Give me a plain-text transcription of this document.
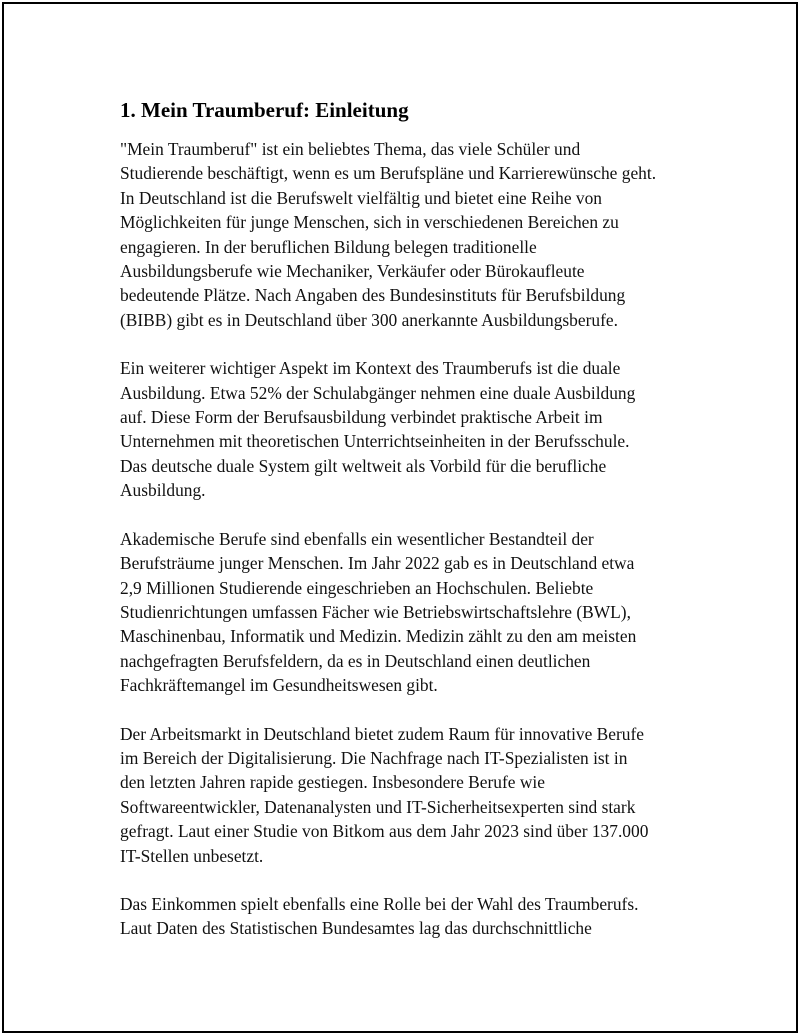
1. Mein Traumberuf: Einleitung

"Mein Traumberuf" ist ein beliebtes Thema, das viele Schüler und
Studierende beschäftigt, wenn es um Berufspläne und Karrierewünsche geht.
In Deutschland ist die Berufswelt vielfältig und bietet eine Reihe von
Möglichkeiten für junge Menschen, sich in verschiedenen Bereichen zu
engagieren. In der beruflichen Bildung belegen traditionelle
Ausbildungsberufe wie Mechaniker, Verkäufer oder Bürokaufleute
bedeutende Plätze. Nach Angaben des Bundesinstituts für Berufsbildung
(BIBB) gibt es in Deutschland über 300 anerkannte Ausbildungsberufe.

Ein weiterer wichtiger Aspekt im Kontext des Traumberufs ist die duale
Ausbildung. Etwa 52% der Schulabgänger nehmen eine duale Ausbildung
auf. Diese Form der Berufsausbildung verbindet praktische Arbeit im
Unternehmen mit theoretischen Unterrichtseinheiten in der Berufsschule.
Das deutsche duale System gilt weltweit als Vorbild für die berufliche
Ausbildung.

Akademische Berufe sind ebenfalls ein wesentlicher Bestandteil der
Berufsträume junger Menschen. Im Jahr 2022 gab es in Deutschland etwa
2,9 Millionen Studierende eingeschrieben an Hochschulen. Beliebte
Studienrichtungen umfassen Fächer wie Betriebswirtschaftslehre (BWL),
Maschinenbau, Informatik und Medizin. Medizin zählt zu den am meisten
nachgefragten Berufsfeldern, da es in Deutschland einen deutlichen
Fachkräftemangel im Gesundheitswesen gibt.

Der Arbeitsmarkt in Deutschland bietet zudem Raum für innovative Berufe
im Bereich der Digitalisierung. Die Nachfrage nach IT-Spezialisten ist in
den letzten Jahren rapide gestiegen. Insbesondere Berufe wie
Softwareentwickler, Datenanalysten und IT-Sicherheitsexperten sind stark
gefragt. Laut einer Studie von Bitkom aus dem Jahr 2023 sind über 137.000
IT-Stellen unbesetzt.

Das Einkommen spielt ebenfalls eine Rolle bei der Wahl des Traumberufs.
Laut Daten des Statistischen Bundesamtes lag das durchschnittliche
